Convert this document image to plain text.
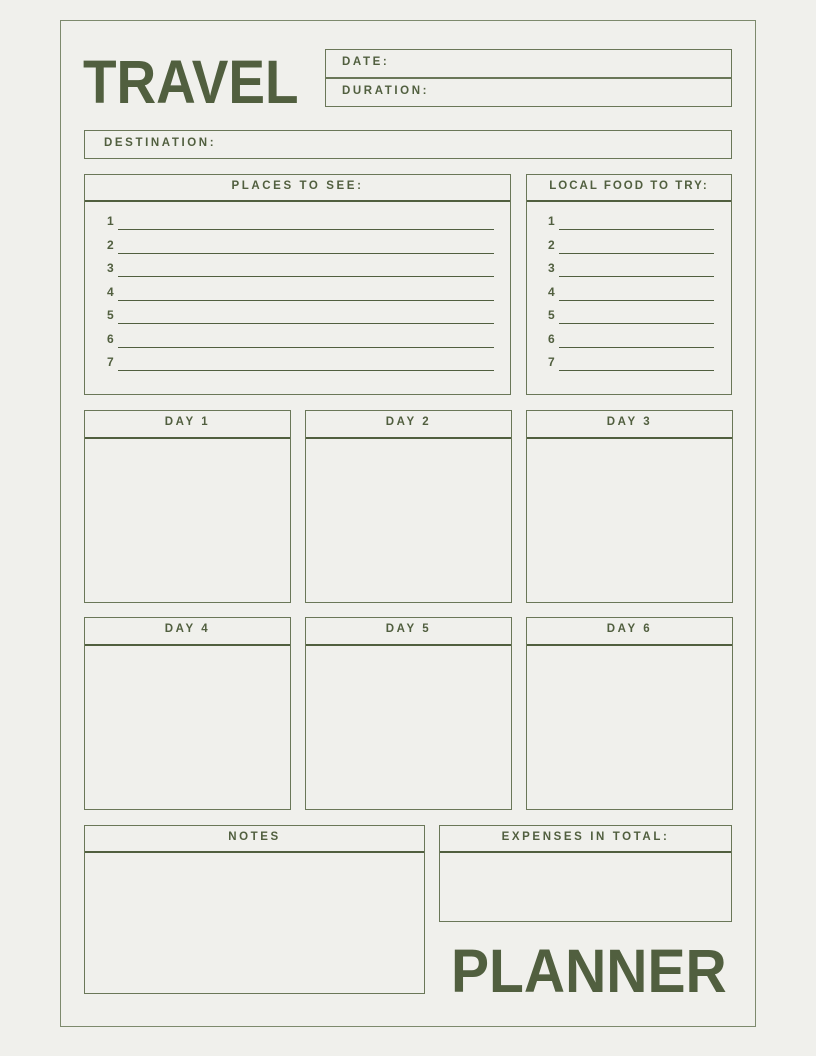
TRAVEL	DATE:
DURATION:
DESTINATION:
PLACES TO SEE:
1
2
3
4
5
6
7
LOCAL FOOD TO TRY:
1
2
3
4
5
6
7
DAY 1	DAY 2	DAY 3
DAY 4	DAY 5	DAY 6
NOTES	EXPENSES IN TOTAL:
PLANNER
